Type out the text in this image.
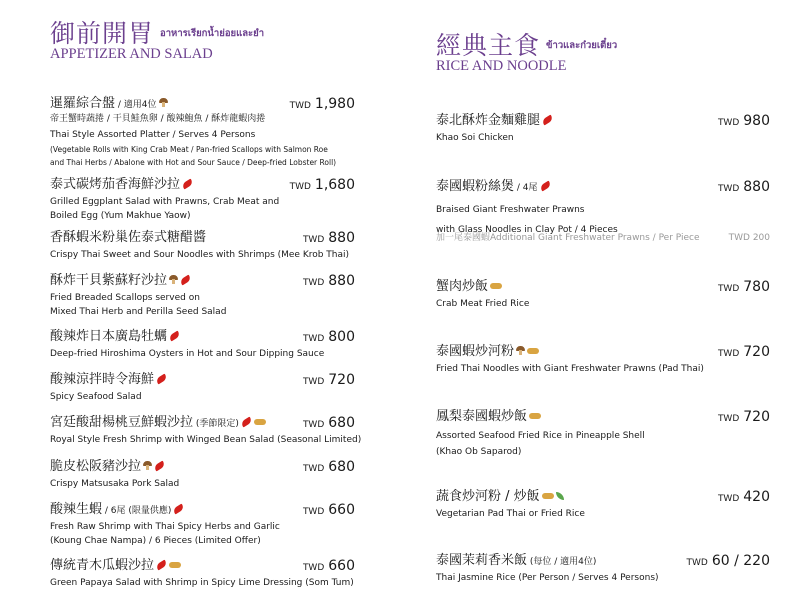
御前開胃 $^{อาหารเรียกน้ำย่อยและยำ}$
APPETIZER AND SALAD
暹羅綜合盤 / 適用4位	TWD 1,980
帝王蟹時蔬捲 / 干貝鮭魚卵 / 酸辣鮑魚 / 酥炸龍蝦肉捲
Thai Style Assorted Platter / Serves 4 Persons
(Vegetable Rolls with King Crab Meat / Pan-fried Scallops with Salmon Roe
and Thai Herbs / Abalone with Hot and Sour Sauce / Deep-fried Lobster Roll)
泰式碳烤茄香海鮮沙拉	TWD 1,680
Grilled Eggplant Salad with Prawns, Crab Meat and
Boiled Egg (Yum Makhue Yaow)
香酥蝦米粉巢佐泰式糖醋醬	TWD 880
Crispy Thai Sweet and Sour Noodles with Shrimps (Mee Krob Thai)
酥炸干貝紫蘇籽沙拉	TWD 880
Fried Breaded Scallops served on
Mixed Thai Herb and Perilla Seed Salad
酸辣炸日本廣島牡蠣	TWD 800
Deep-fried Hiroshima Oysters in Hot and Sour Dipping Sauce
酸辣涼拌時令海鮮	TWD 720
Spicy Seafood Salad
宮廷酸甜楊桃豆鮮蝦沙拉 (季節限定)	TWD 680
Royal Style Fresh Shrimp with Winged Bean Salad (Seasonal Limited)
脆皮松阪豬沙拉	TWD 680
Crispy Matsusaka Pork Salad
酸辣生蝦 / 6尾 (限量供應)	TWD 660
Fresh Raw Shrimp with Thai Spicy Herbs and Garlic
(Koung Chae Nampa) / 6 Pieces (Limited Offer)
傳統青木瓜蝦沙拉	TWD 660
Green Papaya Salad with Shrimp in Spicy Lime Dressing (Som Tum)
經典主食 $^{ข้าวและก๋วยเตี๋ยว}$
RICE AND NOODLE
泰北酥炸金麵雞腿	TWD 980
Khao Soi Chicken
泰國蝦粉絲煲 / 4尾	TWD 880
Braised Giant Freshwater Prawns
with Glass Noodles in Clay Pot / 4 Pieces
加一尾泰國蝦Additional Giant Freshwater Prawns / Per Piece	TWD 200
蟹肉炒飯	TWD 780
Crab Meat Fried Rice
泰國蝦炒河粉	TWD 720
Fried Thai Noodles with Giant Freshwater Prawns (Pad Thai)
鳳梨泰國蝦炒飯	TWD 720
Assorted Seafood Fried Rice in Pineapple Shell
(Khao Ob Saparod)
蔬食炒河粉 / 炒飯	TWD 420
Vegetarian Pad Thai or Fried Rice
泰國茉莉香米飯 (每位 / 適用4位)	TWD 60 / 220
Thai Jasmine Rice (Per Person / Serves 4 Persons)
